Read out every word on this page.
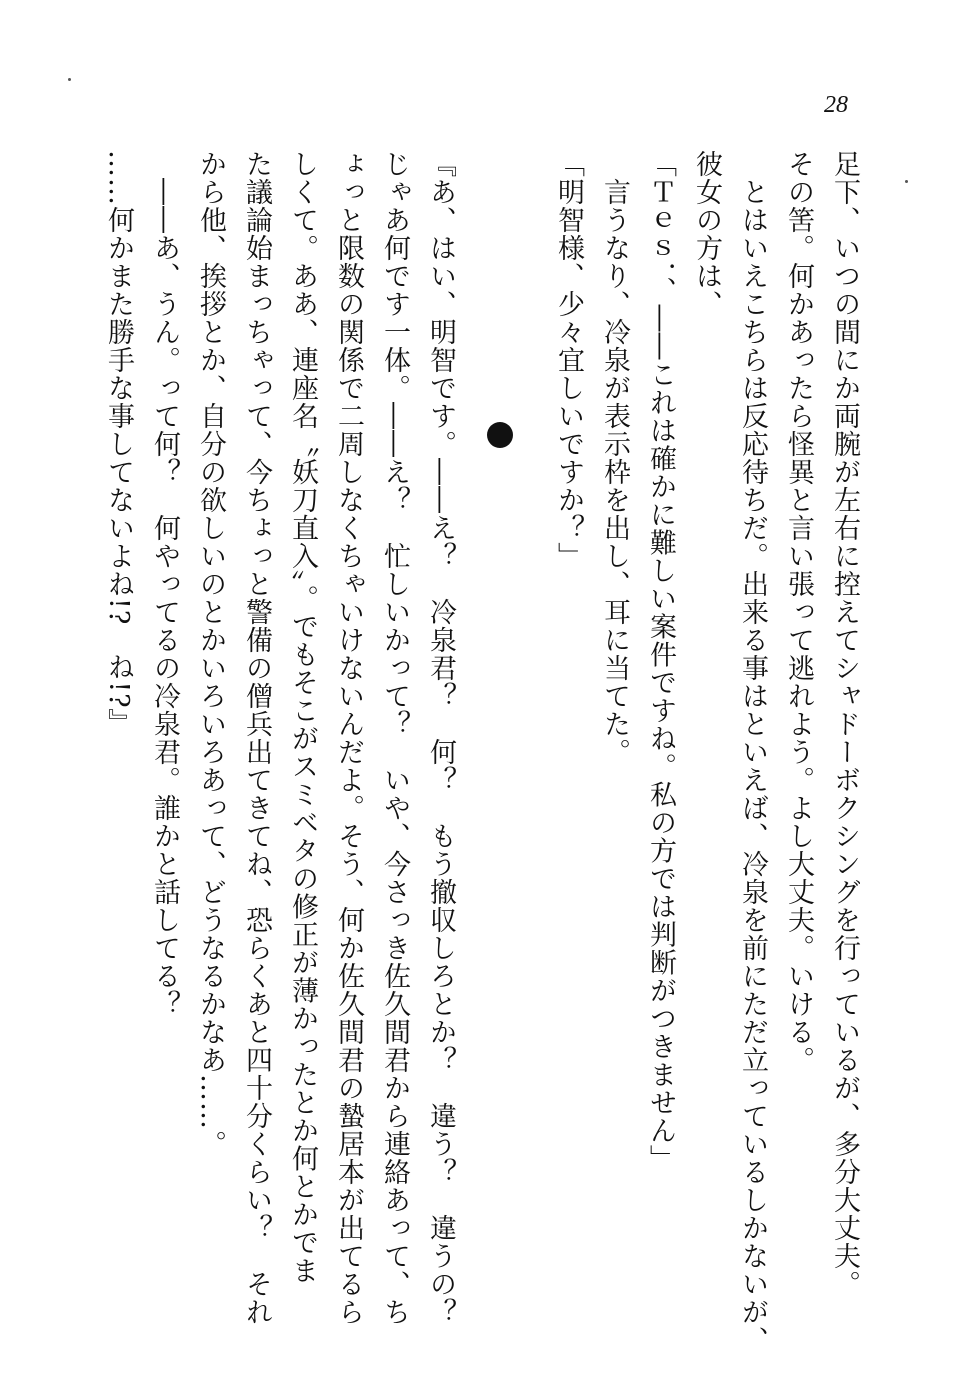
28
足下、いつの間にか両腕が左右に控えてシャドーボクシングを行っているが、多分大丈夫。
その筈。何かあったら怪異と言い張って逃れよう。よし大丈夫。いける。
　とはいえこちらは反応待ちだ。出来る事はといえば、冷泉を前にただ立っているしかないが、
彼女の方は、
「Ｔｅｓ．、――これは確かに難しい案件ですね。私の方では判断がつきません」
　言うなり、冷泉が表示枠を出し、耳に当てた。
「明智様、少々宜しいですか？」
『あ、はい、明智です。――え？　冷泉君？　何？　もう撤収しろとか？　違う？　違うの？
じゃあ何です一体。――え？　忙しいかって？　いや、今さっき佐久間君から連絡あって、ち
ょっと限数の関係で二周しなくちゃいけないんだよ。そう、何か佐久間君の蟄居本が出てるら
しくて。ああ、連座名〝妖刀直入〟。でもそこがスミベタの修正が薄かったとか何とかでま
た議論始まっちゃって、今ちょっと警備の僧兵出てきてね、恐らくあと四十分くらい？　それ
から他、挨拶とか、自分の欲しいのとかいろいろあって、どうなるかなあ……。
　――あ、うん。って何？　何やってるの冷泉君。誰かと話してる？
……何かまた勝手な事してないよね!?　ね!?』
